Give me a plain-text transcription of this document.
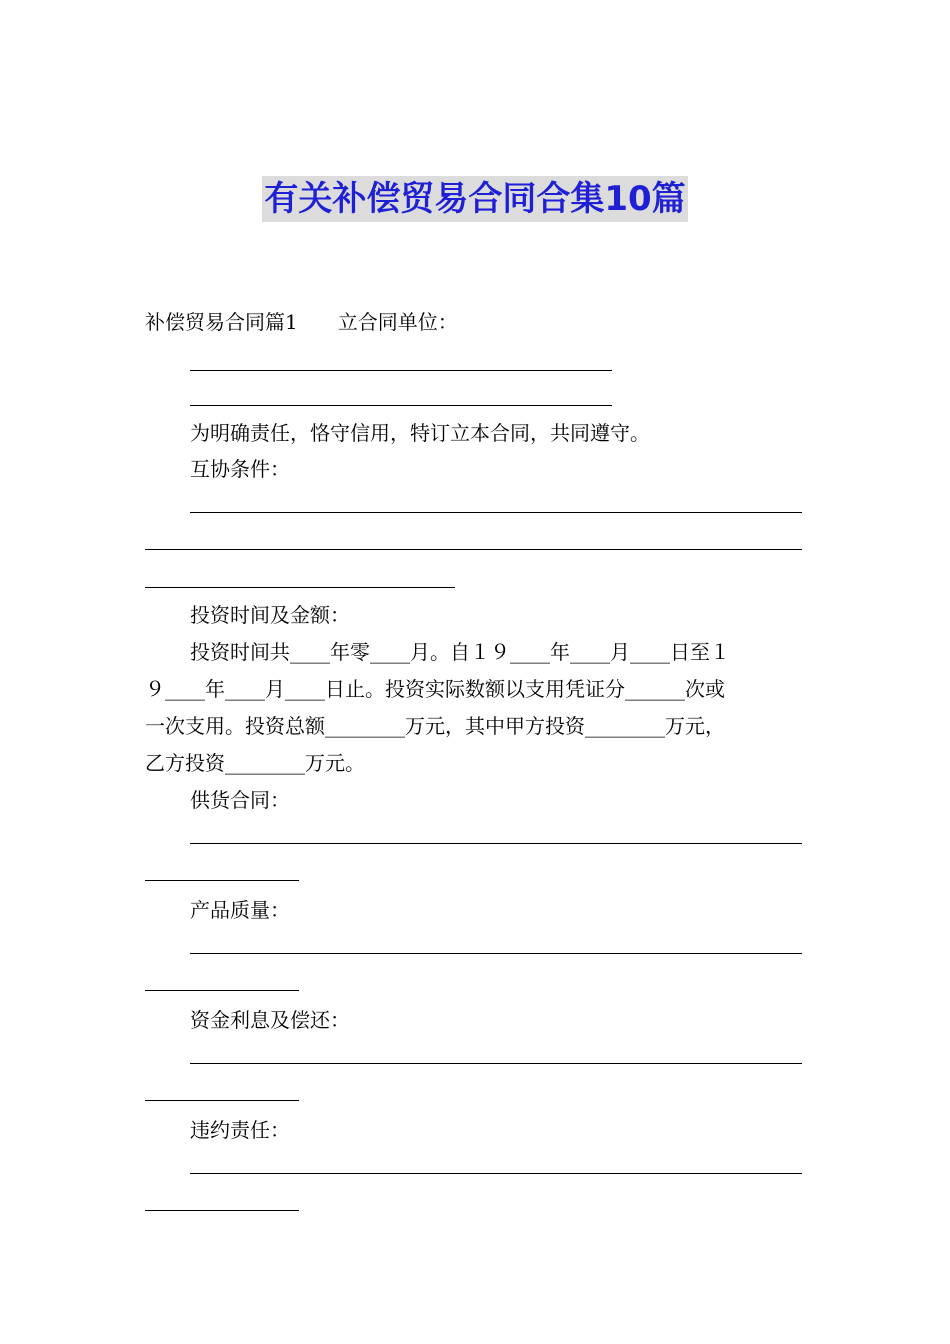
有关补偿贸易合同合集10篇
补偿贸易合同篇1 立合同单位：
为明确责任，恪守信用，特订立本合同，共同遵守。
互协条件：
投资时间及金额：
投资时间共____年零____月。自１９____年____月____日至１
９____年____月____日止。投资实际数额以支用凭证分______次或
一次支用。投资总额________万元，其中甲方投资________万元，
乙方投资________万元。
供货合同：
产品质量：
资金利息及偿还：
违约责任：
